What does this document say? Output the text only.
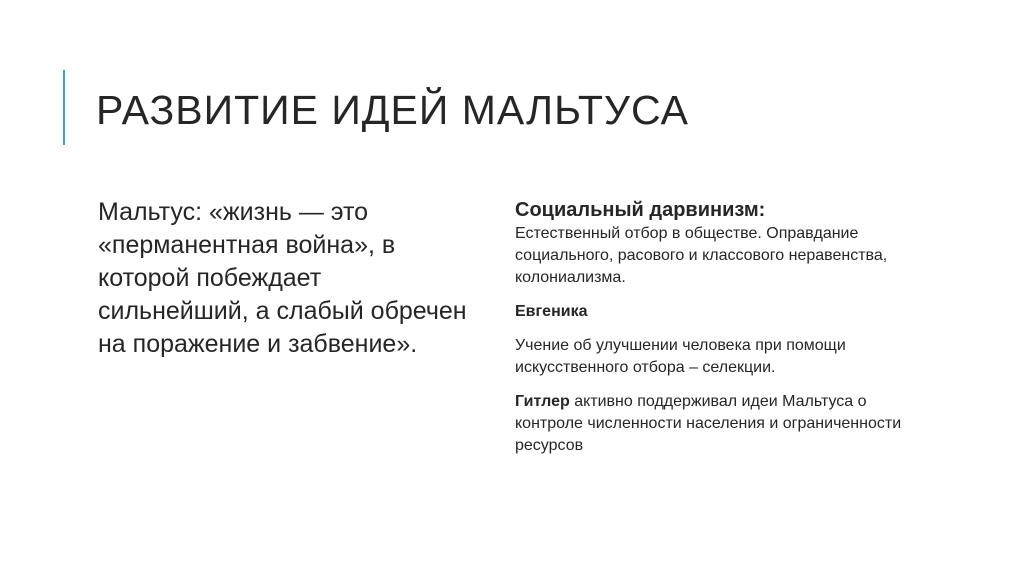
РАЗВИТИЕ ИДЕЙ МАЛЬТУСА

Мальтус: «жизнь — это «перманентная война», в которой побеждает сильнейший, а слабый обречен на поражение и забвение».

Социальный дарвинизм:

Естественный отбор в обществе. Оправдание социального, расового и классового неравенства, колониализма.

Евгеника

Учение об улучшении человека при помощи искусственного отбора – селекции.

Гитлер активно поддерживал идеи Мальтуса о контроле численности населения и ограниченности ресурсов
